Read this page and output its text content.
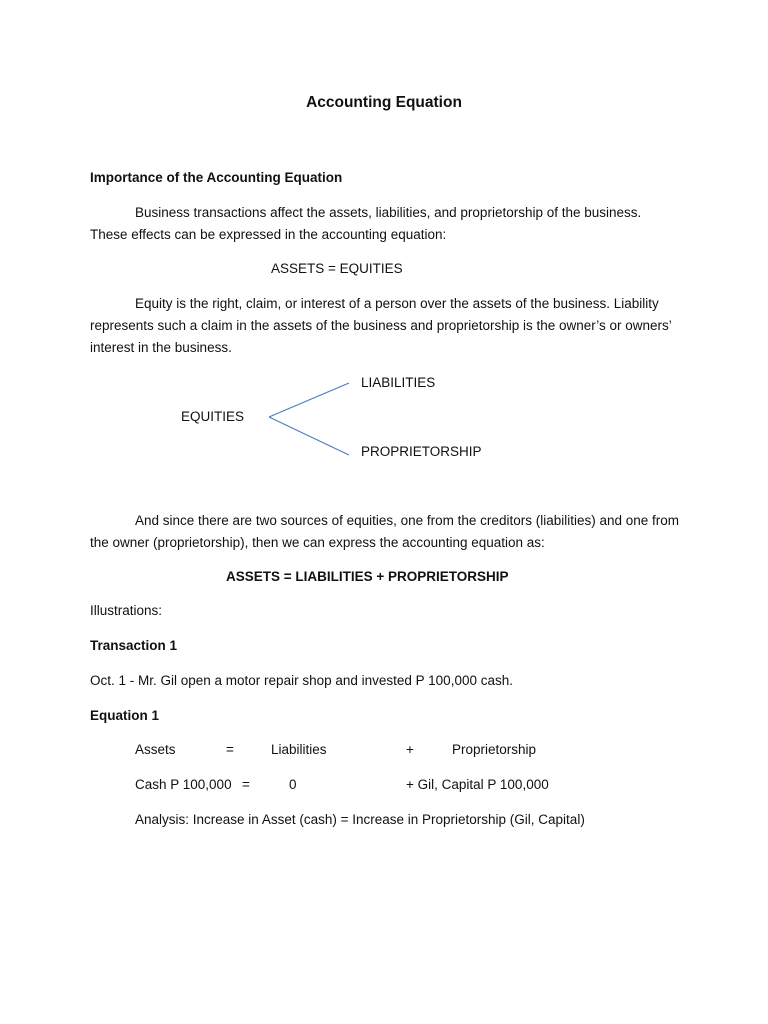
Accounting Equation
Importance of the Accounting Equation
Business transactions affect the assets, liabilities, and proprietorship of the business. These effects can be expressed in the accounting equation:
ASSETS = EQUITIES
Equity is the right, claim, or interest of a person over the assets of the business. Liability represents such a claim in the assets of the business and proprietorship is the owner’s or owners’ interest in the business.
EQUITIES
LIABILITIES
PROPRIETORSHIP
And since there are two sources of equities, one from the creditors (liabilities) and one from the owner (proprietorship), then we can express the accounting equation as:
ASSETS = LIABILITIES + PROPRIETORSHIP
Illustrations:
Transaction 1
Oct. 1 - Mr. Gil open a motor repair shop and invested P 100,000 cash.
Equation 1
Assets	=	Liabilities	+	Proprietorship
Cash P 100,000 =	0	+ Gil, Capital P 100,000
Analysis: Increase in Asset (cash) = Increase in Proprietorship (Gil, Capital)
